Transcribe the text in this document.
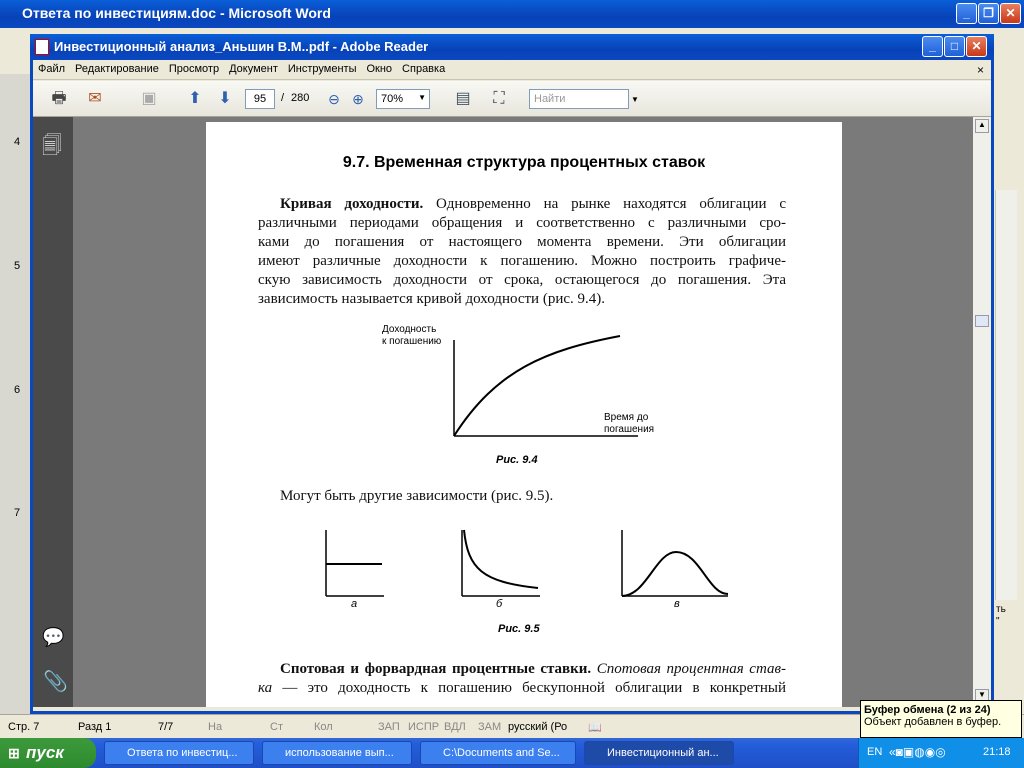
Ответа по инвестициям.doc - Microsoft Word	_	❐ ✕
4
5
6
7
ть
"
Инвестиционный анализ_Аньшин В.М..pdf - Adobe Reader	_	□	✕
Файл Редактирование Просмотр Документ Инструменты Окно Справка	×
🖶	✉	▣	⬆	⬇	95	/ 280	⊖ ⊕	70% ▼ ▤	⛶	Найти	▼
🗐
💬
📎
▲
▼
9.7. Временная структура процентных ставок
Кривая доходности. Одновременно на рынке находятся облигации с
различными периодами обращения и соответственно с различными сро-
ками до погашения от настоящего момента времени. Эти облигации
имеют различные доходности к погашению. Можно построить графиче-
скую зависимость доходности от срока, остающегося до погашения. Эта
зависимость называется кривой доходности (рис. 9.4).
Доходность
к погашению
Время до
погашения
Рис. 9.4
Могут быть другие зависимости (рис. 9.5).
а	б	в
Рис. 9.5
Спотовая и форвардная процентные ставки. Спотовая процентная став-
ка — это доходность к погашению бескупонной облигации в конкретный
Стр. 7	Разд 1	7/7	На	Ст	Кол	ЗАП ИСПР ВДЛ ЗАМ русский (Ро 📖
Буфер обмена (2 из 24)
Объект добавлен в буфер.
Ответа по инвестиц...	использование вып...	C:\Documents and Se...	Инвестиционный ан...
⊞ пуск	EN «◙▣◍◉◎	21:18
